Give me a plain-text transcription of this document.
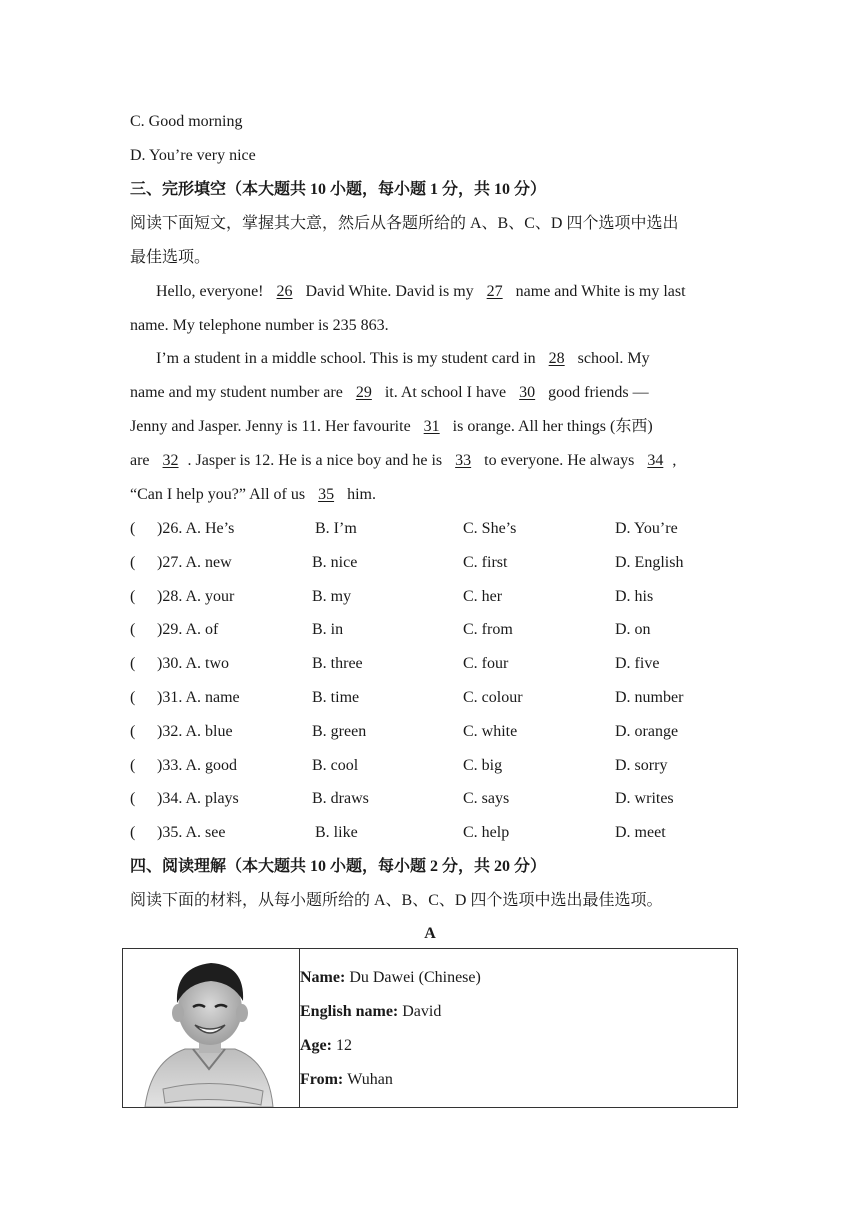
C. Good morning
D. You’re very nice
三、完形填空（本大题共 10 小题，每小题 1 分，共 10 分）
阅读下面短文，掌握其大意，然后从各题所给的 A、B、C、D 四个选项中选出
最佳选项。
Hello, everyone! 26 David White. David is my 27 name and White is my last
name. My telephone number is 235 863.
I’m a student in a middle school. This is my student card in 28 school. My
name and my student number are 29 it. At school I have 30 good friends —
Jenny and Jasper. Jenny is 11. Her favourite 31 is orange. All her things (东西)
are 32 . Jasper is 12. He is a nice boy and he is 33 to everyone. He always 34 ,
“Can I help you?” All of us 35 him.
( )26. A. He’s	B. I’m	C. She’s	D. You’re
( )27. A. new	B. nice	C. first	D. English
( )28. A. your	B. my	C. her	D. his
( )29. A. of	B. in	C. from	D. on
( )30. A. two	B. three	C. four	D. five
( )31. A. name	B. time	C. colour	D. number
( )32. A. blue	B. green	C. white	D. orange
( )33. A. good	B. cool	C. big	D. sorry
( )34. A. plays	B. draws	C. says	D. writes
( )35. A. see	B. like	C. help	D. meet
四、阅读理解（本大题共 10 小题，每小题 2 分，共 20 分）
阅读下面的材料，从每小题所给的 A、B、C、D 四个选项中选出最佳选项。
A

Name: Du Dawei (Chinese)
English name: David
Age: 12
From: Wuhan
